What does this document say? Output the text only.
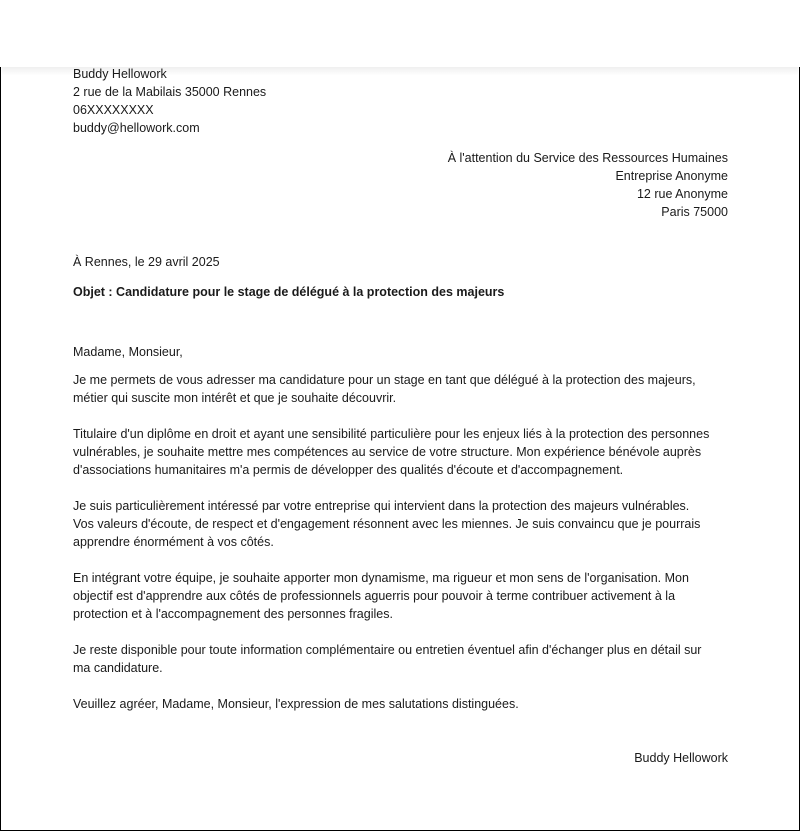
Buddy Hellowork
2 rue de la Mabilais 35000 Rennes
06XXXXXXXX
buddy@hellowork.com
À l'attention du Service des Ressources Humaines
Entreprise Anonyme
12 rue Anonyme
Paris 75000
À Rennes, le 29 avril 2025
Objet : Candidature pour le stage de délégué à la protection des majeurs
Madame, Monsieur,

Je me permets de vous adresser ma candidature pour un stage en tant que délégué à la protection des majeurs,
métier qui suscite mon intérêt et que je souhaite découvrir.

Titulaire d'un diplôme en droit et ayant une sensibilité particulière pour les enjeux liés à la protection des personnes
vulnérables, je souhaite mettre mes compétences au service de votre structure. Mon expérience bénévole auprès
d'associations humanitaires m'a permis de développer des qualités d'écoute et d'accompagnement.

Je suis particulièrement intéressé par votre entreprise qui intervient dans la protection des majeurs vulnérables.
Vos valeurs d'écoute, de respect et d'engagement résonnent avec les miennes. Je suis convaincu que je pourrais
apprendre énormément à vos côtés.

En intégrant votre équipe, je souhaite apporter mon dynamisme, ma rigueur et mon sens de l'organisation. Mon
objectif est d'apprendre aux côtés de professionnels aguerris pour pouvoir à terme contribuer activement à la
protection et à l'accompagnement des personnes fragiles.

Je reste disponible pour toute information complémentaire ou entretien éventuel afin d'échanger plus en détail sur
ma candidature.

Veuillez agréer, Madame, Monsieur, l'expression de mes salutations distinguées.

Buddy Hellowork
